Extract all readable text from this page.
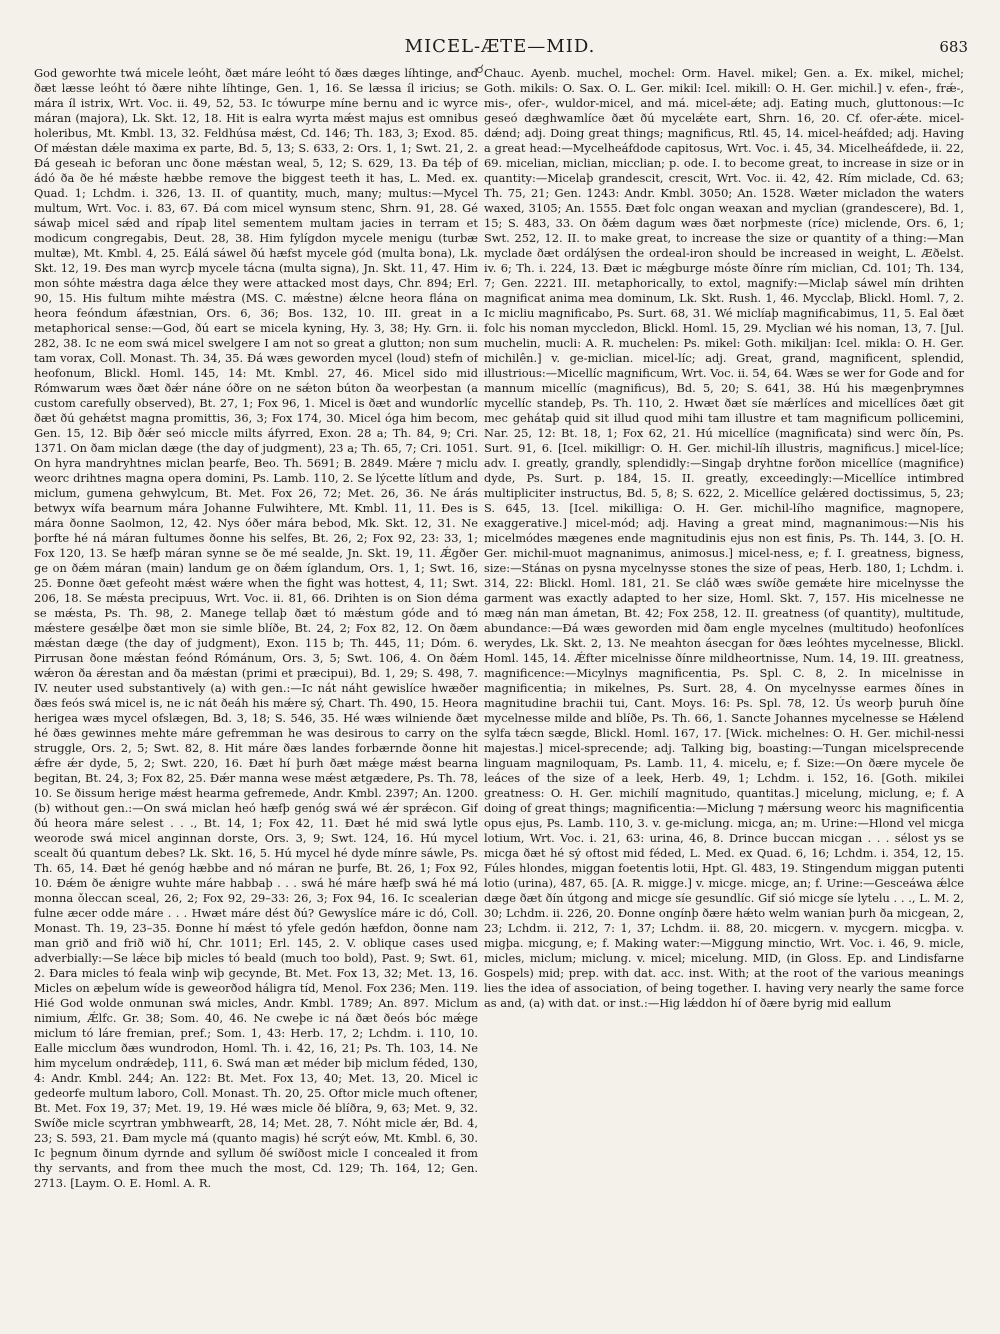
MICEL-ÆTE—MID.	683
☌

God geworhte twá micele leóht, ðæt máre leóht tó ðæs dæges líhtinge, and ðæt læsse leóht tó ðære nihte líhtinge, Gen. 1, 16. Se læssa íl iricius; se mára íl istrix, Wrt. Voc. ii. 49, 52, 53. Ic tówurpe míne bernu and ic wyrce máran (majora), Lk. Skt. 12, 18. Hit is ealra wyrta mǽst majus est omnibus holeribus, Mt. Kmbl. 13, 32. Feldhúsa mǽst, Cd. 146; Th. 183, 3; Exod. 85. Of mǽstan dǽle maxima ex parte, Bd. 5, 13; S. 633, 2: Ors. 1, 1; Swt. 21, 2. Ðá geseah ic beforan unc ðone mǽstan weal, 5, 12; S. 629, 13. Ða téþ of ádó ða ðe hé mǽste hæbbe remove the biggest teeth it has, L. Med. ex. Quad. 1; Lchdm. i. 326, 13. II. of quantity, much, many; multus:—Mycel multum, Wrt. Voc. i. 83, 67. Ðá com micel wynsum stenc, Shrn. 91, 28. Gé sáwaþ micel sǽd and rípaþ litel sementem multam jacies in terram et modicum congregabis, Deut. 28, 38. Him fylígdon mycele menigu (turbæ multæ), Mt. Kmbl. 4, 25. Eálá sáwel ðú hæfst mycele gód (multa bona), Lk. Skt. 12, 19. Ðes man wyrcþ mycele tácna (multa signa), Jn. Skt. 11, 47. Him mon sóhte mǽstra daga ǽlce they were attacked most days, Chr. 894; Erl. 90, 15. His fultum mihte mǽstra (MS. C. mǽstne) ǽlcne heora flána on heora feóndum áfæstnian, Ors. 6, 36; Bos. 132, 10. III. great in a metaphorical sense:—God, ðú eart se micela kyning, Hy. 3, 38; Hy. Grn. ii. 282, 38. Ic ne eom swá micel swelgere I am not so great a glutton; non sum tam vorax, Coll. Monast. Th. 34, 35. Ðá wæs geworden mycel (loud) stefn of heofonum, Blickl. Homl. 145, 14: Mt. Kmbl. 27, 46. Micel sido mid Rómwarum wæs ðæt ðǽr náne óðre on ne sǽton búton ða weorþestan (a custom carefully observed), Bt. 27, 1; Fox 96, 1. Micel is ðæt and wundorlíc ðæt ðú gehǽtst magna promittis, 36, 3; Fox 174, 30. Micel óga him becom, Gen. 15, 12. Biþ ðǽr seó miccle milts áfyrred, Exon. 28 a; Th. 84, 9; Cri. 1371. On ðam miclan dæge (the day of judgment), 23 a; Th. 65, 7; Cri. 1051. On hyra mandryhtnes miclan þearfe, Beo. Th. 5691; B. 2849. Mǽre ⁊ miclu weorc drihtnes magna opera domini, Ps. Lamb. 110, 2. Se lýcette lítlum and miclum, gumena gehwylcum, Bt. Met. Fox 26, 72; Met. 26, 36. Ne árás betwyx wífa bearnum mára Johanne Fulwihtere, Mt. Kmbl. 11, 11. Ðes is mára ðonne Saolmon, 12, 42. Nys óðer mára bebod, Mk. Skt. 12, 31. Ne þorfte hé ná máran fultumes ðonne his selfes, Bt. 26, 2; Fox 92, 23: 33, 1; Fox 120, 13. Se hæfþ máran synne se ðe mé sealde, Jn. Skt. 19, 11. Ǽgðer ge on ðǽm máran (main) landum ge on ðǽm íglandum, Ors. 1, 1; Swt. 16, 25. Ðonne ðæt gefeoht mǽst wǽre when the fight was hottest, 4, 11; Swt. 206, 18. Se mǽsta precipuus, Wrt. Voc. ii. 81, 66. Drihten is on Sion déma se mǽsta, Ps. Th. 98, 2. Manege tellaþ ðæt tó mǽstum góde and tó mǽstere gesǽlþe ðæt mon sie simle blíðe, Bt. 24, 2; Fox 82, 12. On ðæm mǽstan dæge (the day of judgment), Exon. 115 b; Th. 445, 11; Dóm. 6. Pirrusan ðone mǽstan feónd Rómánum, Ors. 3, 5; Swt. 106, 4. On ðǽm wǽron ða ǽrestan and ða mǽstan (primi et præcipui), Bd. 1, 29; S. 498, 7. IV. neuter used substantively (a) with gen.:—Ic nát náht gewislíce hwæðer ðæs feós swá micel is, ne ic nát ðeáh his mǽre sý, Chart. Th. 490, 15. Heora herigea wæs mycel ofslægen, Bd. 3, 18; S. 546, 35. Hé wæs wilniende ðæt hé ðæs gewinnes mehte máre gefremman he was desirous to carry on the struggle, Ors. 2, 5; Swt. 82, 8. Hit máre ðæs landes forbærnde ðonne hit ǽfre ǽr dyde, 5, 2; Swt. 220, 16. Ðæt hí þurh ðæt mǽge mǽst bearna begitan, Bt. 24, 3; Fox 82, 25. Ðǽr manna wese mǽst ætgædere, Ps. Th. 78, 10. Se ðissum herige mǽst hearma gefremede, Andr. Kmbl. 2397; An. 1200. (b) without gen.:—On swá miclan heó hæfþ genóg swá wé ǽr sprǽcon. Gif ðú heora máre selest . . ., Bt. 14, 1; Fox 42, 11. Ðæt hé mid swá lytle weorode swá micel anginnan dorste, Ors. 3, 9; Swt. 124, 16. Hú mycel scealt ðú quantum debes? Lk. Skt. 16, 5. Hú mycel hé dyde mínre sáwle, Ps. Th. 65, 14. Ðæt hé genóg hæbbe and nó máran ne þurfe, Bt. 26, 1; Fox 92, 10. Ðǽm ðe ǽnigre wuhte máre habbaþ . . . swá hé máre hæfþ swá hé má monna ǒleccan sceal, 26, 2; Fox 92, 29–33: 26, 3; Fox 94, 16. Ic scealerian fulne æcer odde máre . . . Hwæt máre dést ðú? Gewyslíce máre ic dó, Coll. Monast. Th. 19, 23–35. Ðonne hí mǽst tó yfele gedón hæfdon, ðonne nam man grið and frið wið hí, Chr. 1011; Erl. 145, 2. V. oblique cases used adverbially:—Se lǽce biþ micles tó beald (much too bold), Past. 9; Swt. 61, 2. Ðara micles tó feala winþ wiþ gecynde, Bt. Met. Fox 13, 32; Met. 13, 16. Micles on æþelum wíde is geweorðod háligra tíd, Menol. Fox 236; Men. 119. Hié God wolde onmunan swá micles, Andr. Kmbl. 1789; An. 897. Miclum nimium, Ǽlfc. Gr. 38; Som. 40, 46. Ne cweþe ic ná ðæt ðeós bóc mǽge miclum tó láre fremian, pref.; Som. 1, 43: Herb. 17, 2; Lchdm. i. 110, 10. Ealle micclum ðæs wundrodon, Homl. Th. i. 42, 16, 21; Ps. Th. 103, 14. Ne him mycelum ondrǽdeþ, 111, 6. Swá man æt méder biþ miclum féded, 130, 4: Andr. Kmbl. 244; An. 122: Bt. Met. Fox 13, 40; Met. 13, 20. Micel ic gedeorfe multum laboro, Coll. Monast. Th. 20, 25. Oftor micle much oftener, Bt. Met. Fox 19, 37; Met. 19, 19. Hé wæs micle ðé blíðra, 9, 63; Met. 9, 32. Swíðe micle scyrtran ymbhwearft, 28, 14; Met. 28, 7. Nóht micle ǽr, Bd. 4, 23; S. 593, 21. Ðam mycle má (quanto magis) hé scrýt eów, Mt. Kmbl. 6, 30. Ic þegnum ðinum dyrnde and syllum ðé swíðost micle I concealed it from thy servants, and from thee much the most, Cd. 129; Th. 164, 12; Gen. 2713. [Laym. O. E. Homl. A. R.

Chauc. Ayenb. muchel, mochel: Orm. Havel. mikel; Gen. a. Ex. mikel, michel; Goth. mikils: O. Sax. O. L. Ger. mikil: Icel. mikill: O. H. Ger. michil.] v. efen-, frǽ-, mis-, ofer-, wuldor-micel, and má. micel-ǽte; adj. Eating much, gluttonous:—Ic geseó dæghwamlíce ðæt ðú mycelǽte eart, Shrn. 16, 20. Cf. ofer-ǽte. micel-dǽnd; adj. Doing great things; magnificus, Rtl. 45, 14. micel-heáfded; adj. Having a great head:—Mycelheáfdode capitosus, Wrt. Voc. i. 45, 34. Micelheáfdede, ii. 22, 69. micelian, miclian, micclian; p. ode. I. to become great, to increase in size or in quantity:—Micelaþ grandescit, crescit, Wrt. Voc. ii. 42, 42. Rím miclade, Cd. 63; Th. 75, 21; Gen. 1243: Andr. Kmbl. 3050; An. 1528. Wæter micladon the waters waxed, 3105; An. 1555. Ðæt folc ongan weaxan and myclian (grandescere), Bd. 1, 15; S. 483, 33. On ðǽm dagum wæs ðæt norþmeste (ríce) miclende, Ors. 6, 1; Swt. 252, 12. II. to make great, to increase the size or quantity of a thing:—Man myclade ðæt ordálýsen the ordeal-iron should be increased in weight, L. Æðelst. iv. 6; Th. i. 224, 13. Ðæt ic mǽgburge móste ðínre rím miclian, Cd. 101; Th. 134, 7; Gen. 2221. III. metaphorically, to extol, magnify:—Miclaþ sáwel mín drihten magnificat anima mea dominum, Lk. Skt. Rush. 1, 46. Mycclaþ, Blickl. Homl. 7, 2. Ic micliu magnificabo, Ps. Surt. 68, 31. Wé miclíaþ magnificabimus, 11, 5. Eal ðæt folc his noman myccledon, Blickl. Homl. 15, 29. Myclian wé his noman, 13, 7. [Jul. muchelin, mucli: A. R. muchelen: Ps. mikel: Goth. mikiljan: Icel. mikla: O. H. Ger. michilên.] v. ge-miclian. micel-líc; adj. Great, grand, magnificent, splendid, illustrious:—Micellíc magnificum, Wrt. Voc. ii. 54, 64. Wæs se wer for Gode and for mannum micellíc (magnificus), Bd. 5, 20; S. 641, 38. Hú his mægenþrymnes mycellíc standeþ, Ps. Th. 110, 2. Hwæt ðæt síe mǽrlíces and micellíces ðæt git mec gehátaþ quid sit illud quod mihi tam illustre et tam magnificum pollicemini, Nar. 25, 12: Bt. 18, 1; Fox 62, 21. Hú micellíce (magnificata) sind werc ðín, Ps. Surt. 91, 6. [Icel. mikilligr: O. H. Ger. michil-líh illustris, magnificus.] micel-líce; adv. I. greatly, grandly, splendidly:—Singaþ dryhtne forðon micellíce (magnifice) dyde, Ps. Surt. p. 184, 15. II. greatly, exceedingly:—Micellíce intimbred multipliciter instructus, Bd. 5, 8; S. 622, 2. Micellíce gelǽred doctissimus, 5, 23; S. 645, 13. [Icel. mikilliga: O. H. Ger. michil-lího magnifice, magnopere, exaggerative.] micel-mód; adj. Having a great mind, magnanimous:—Nis his micelmódes mægenes ende magnitudinis ejus non est finis, Ps. Th. 144, 3. [O. H. Ger. michil-muot magnanimus, animosus.] micel-ness, e; f. I. greatness, bigness, size:—Stánas on pysna mycelnysse stones the size of peas, Herb. 180, 1; Lchdm. i. 314, 22: Blickl. Homl. 181, 21. Se cláð wæs swíðe gemǽte hire micelnysse the garment was exactly adapted to her size, Homl. Skt. 7, 157. His micelnesse ne mæg nán man ámetan, Bt. 42; Fox 258, 12. II. greatness (of quantity), multitude, abundance:—Ðá wæs geworden mid ðam engle mycelnes (multitudo) heofonlíces werydes, Lk. Skt. 2, 13. Ne meahton ásecgan for ðæs leóhtes mycelnesse, Blickl. Homl. 145, 14. Ǽfter micelnisse ðínre mildheortnisse, Num. 14, 19. III. greatness, magnificence:—Micylnys magnificentia, Ps. Spl. C. 8, 2. In micelnisse in magnificentia; in mikelnes, Ps. Surt. 28, 4. On mycelnysse earmes ðínes in magnitudine brachii tui, Cant. Moys. 16: Ps. Spl. 78, 12. Ús weorþ þuruh ðíne mycelnesse milde and blíðe, Ps. Th. 66, 1. Sancte Johannes mycelnesse se Hǽlend sylfa tǽcn sægde, Blickl. Homl. 167, 17. [Wick. michelnes: O. H. Ger. michil-nessi majestas.] micel-sprecende; adj. Talking big, boasting:—Tungan micelsprecende linguam magniloquam, Ps. Lamb. 11, 4. micelu, e; f. Size:—On ðære mycele ðe leáces of the size of a leek, Herb. 49, 1; Lchdm. i. 152, 16. [Goth. mikilei greatness: O. H. Ger. michilí magnitudo, quantitas.] micelung, miclung, e; f. A doing of great things; magnificentia:—Miclung ⁊ mǽrsung weorc his magnificentia opus ejus, Ps. Lamb. 110, 3. v. ge-miclung. micga, an; m. Urine:—Hlond vel micga lotium, Wrt. Voc. i. 21, 63: urina, 46, 8. Drince buccan micgan . . . sélost ys se micga ðæt hé sý oftost mid féded, L. Med. ex Quad. 6, 16; Lchdm. i. 354, 12, 15. Fúles hlondes, miggan foetentis lotii, Hpt. Gl. 483, 19. Stingendum miggan putenti lotio (urina), 487, 65. [A. R. migge.] v. micge. micge, an; f. Urine:—Gesceáwa ǽlce dæge ðæt ðín útgong and micge síe gesundlíc. Gif sió micge síe lytelu . . ., L. M. 2, 30; Lchdm. ii. 226, 20. Ðonne ongínþ ðære hǽto welm wanian þurh ða micgean, 2, 23; Lchdm. ii. 212, 7: 1, 37; Lchdm. ii. 88, 20. micgern. v. mycgern. micgþa. v. migþa. micgung, e; f. Making water:—Miggung minctio, Wrt. Voc. i. 46, 9. micle, micles, miclum; miclung. v. micel; micelung. MID, (in Gloss. Ep. and Lindisfarne Gospels) mid; prep. with dat. acc. inst. With; at the root of the various meanings lies the idea of association, of being together. I. having very nearly the same force as and, (a) with dat. or inst.:—Hig lǽddon hí of ðære byrig mid eallum
